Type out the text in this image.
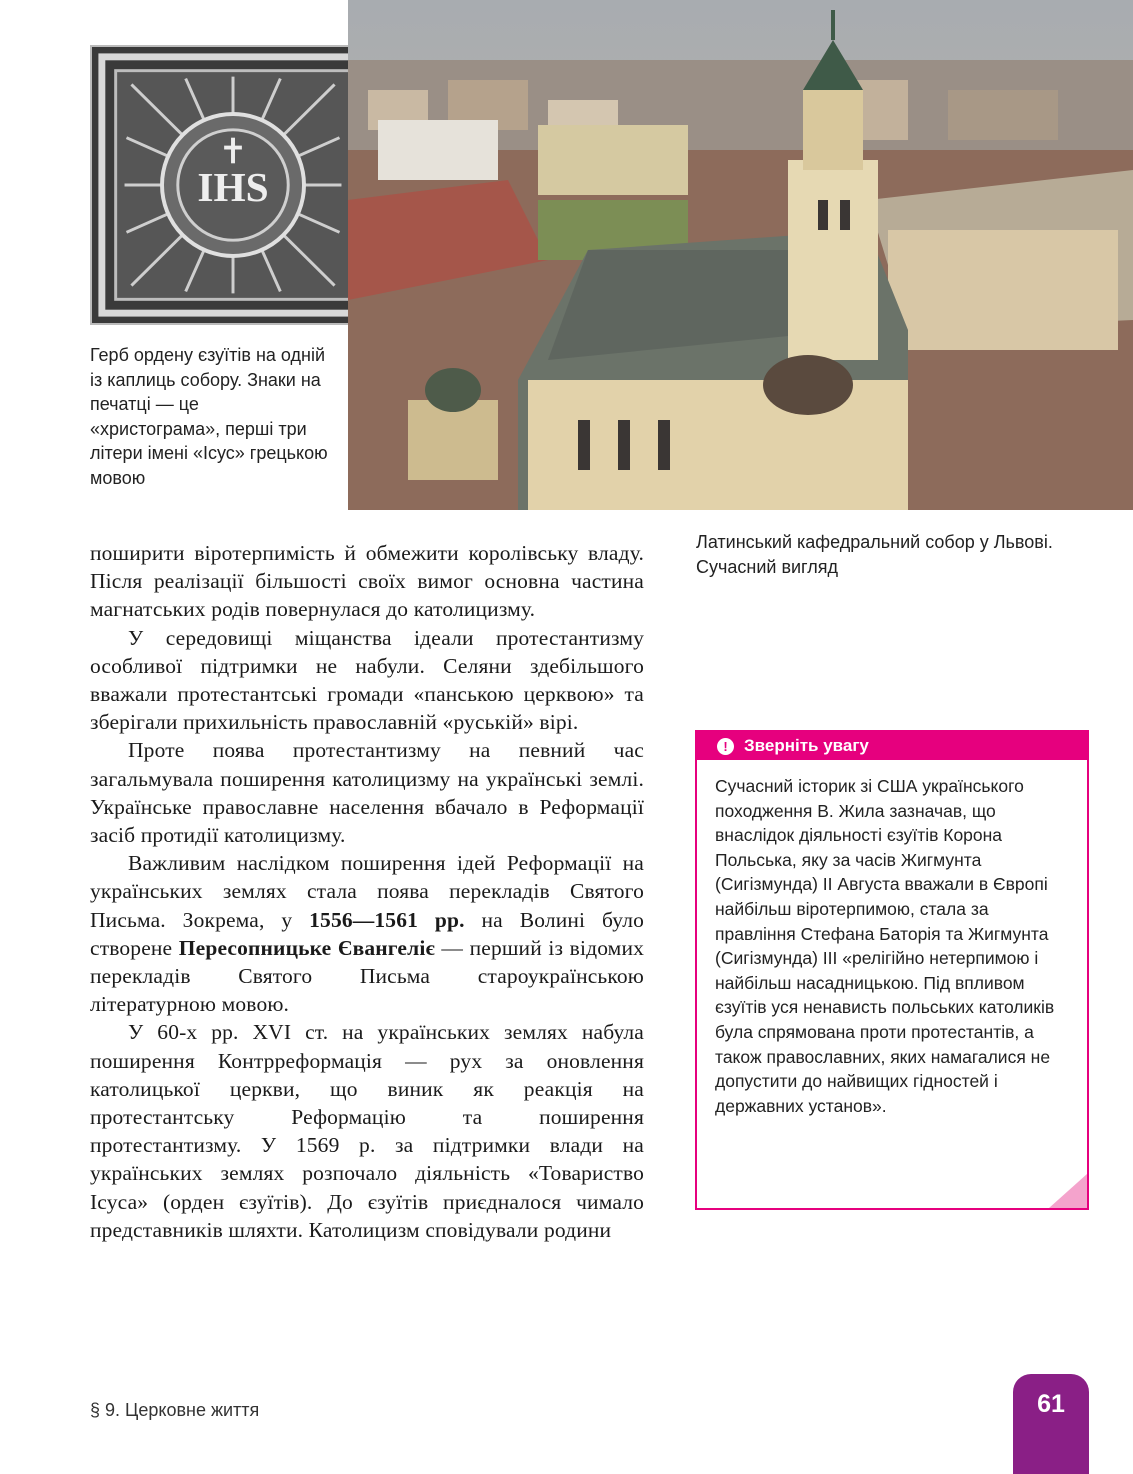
IHS
Герб ордену єзуїтів на одній із каплиць собору. Знаки на печатці — це «христограма», перші три літери імені «Ісус» грецькою мовою
Латинський кафедральний собор у Львові. Сучасний вигляд

поширити віротерпимість й обмежити королівську владу. Після реалізації більшості своїх вимог основна частина магнатських родів повернулася до католицизму.

У середовищі міщанства ідеали протестантизму особливої підтримки не набули. Селяни здебільшого вважали протестантські громади «панською церквою» та зберігали прихильність православній «руській» вірі.

Проте поява протестантизму на певний час загальмувала поширення католицизму на українські землі. Українське православне населення вбачало в Реформації засіб протидії католицизму.

Важливим наслідком поширення ідей Реформації на українських землях стала поява перекладів Святого Письма. Зокрема, у 1556—1561 рр. на Волині було створене Пересопницьке Євангеліє — перший із відомих перекладів Святого Письма староукраїнською літературною мовою.

У 60-х рр. XVI ст. на українських землях набула поширення Контрреформація — рух за оновлення католицької церкви, що виник як реакція на протестантську Реформацію та поширення протестантизму. У 1569 р. за підтримки влади на українських землях розпочало діяльність «Товариство Ісуса» (орден єзуїтів). До єзуїтів приєдналося чимало представників шляхти. Католицизм сповідували родини

! Зверніть увагу
Сучасний історик зі США українського походження В. Жила зазначав, що внаслідок діяльності єзуїтів Корона Польська, яку за часів Жигмунта (Сигізмунда) ІІ Августа вважали в Європі найбільш віротерпимою, стала за правління Стефана Баторія та Жигмунта (Сигізмунда) ІІІ «релігійно нетерпимою і найбільш насадницькою. Під впливом єзуїтів уся ненависть польських католиків була спрямована проти протестантів, а також православних, яких намагалися не допустити до найвищих гідностей і державних установ».
§ 9. Церковне життя	61
